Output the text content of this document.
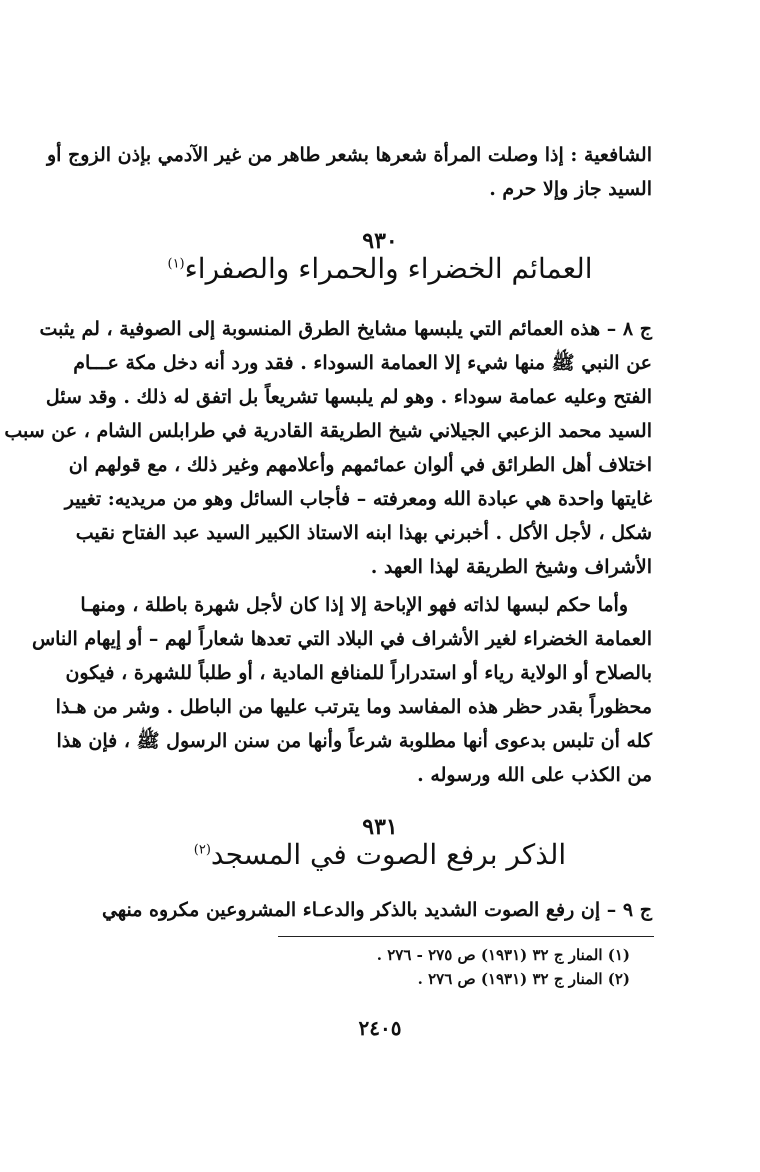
الشافعية : إذا وصلت المرأة شعرها بشعر طاهر من غير الآدمي بإذن الزوج أو
السيد جاز وإلا حرم .
٩٣٠
العمائم الخضراء والحمراء والصفراء$^{(١)}$
ج ٨ – هذه العمائم التي يلبسها مشايخ الطرق المنسوبة إلى الصوفية ، لم يثبت
عن النبي ﷺ منها شيء إلا العمامة السوداء . فقد ورد أنه دخل مكة عـــام
الفتح وعليه عمامة سوداء . وهو لم يلبسها تشريعاً بل اتفق له ذلك . وقد سئل
السيد محمد الزعبي الجيلاني شيخ الطريقة القادرية في طرابلس الشام ، عن سبب
اختلاف أهل الطرائق في ألوان عمائمهم وأعلامهم وغير ذلك ، مع قولهم ان
غايتها واحدة هي عبادة الله ومعرفته – فأجاب السائل وهو من مريديه: تغيير
شكل ، لأجل الأكل . أخبرني بهذا ابنه الاستاذ الكبير السيد عبد الفتاح نقيب
الأشراف وشيخ الطريقة لهذا العهد .
وأما حكم لبسها لذاته فهو الإباحة إلا إذا كان لأجل شهرة باطلة ، ومنهـا
العمامة الخضراء لغير الأشراف في البلاد التي تعدها شعاراً لهم – أو إيهام الناس
بالصلاح أو الولاية رياء أو استدراراً للمنافع المادية ، أو طلباً للشهرة ، فيكون
محظوراً بقدر حظر هذه المفاسد وما يترتب عليها من الباطل . وشر من هـذا
كله أن تلبس بدعوى أنها مطلوبة شرعاً وأنها من سنن الرسول ﷺ ، فإن هذا
من الكذب على الله ورسوله .
٩٣١
الذكر برفع الصوت في المسجد$^{(٢)}$
ج ٩ – إن رفع الصوت الشديد بالذكر والدعـاء المشروعين مكروه منهي
(١) المنار ج ٣٢ (١٩٣١) ص ٢٧٥ - ٢٧٦ .
(٢) المنار ج ٣٢ (١٩٣١) ص ٢٧٦ .
٢٤٠٥
